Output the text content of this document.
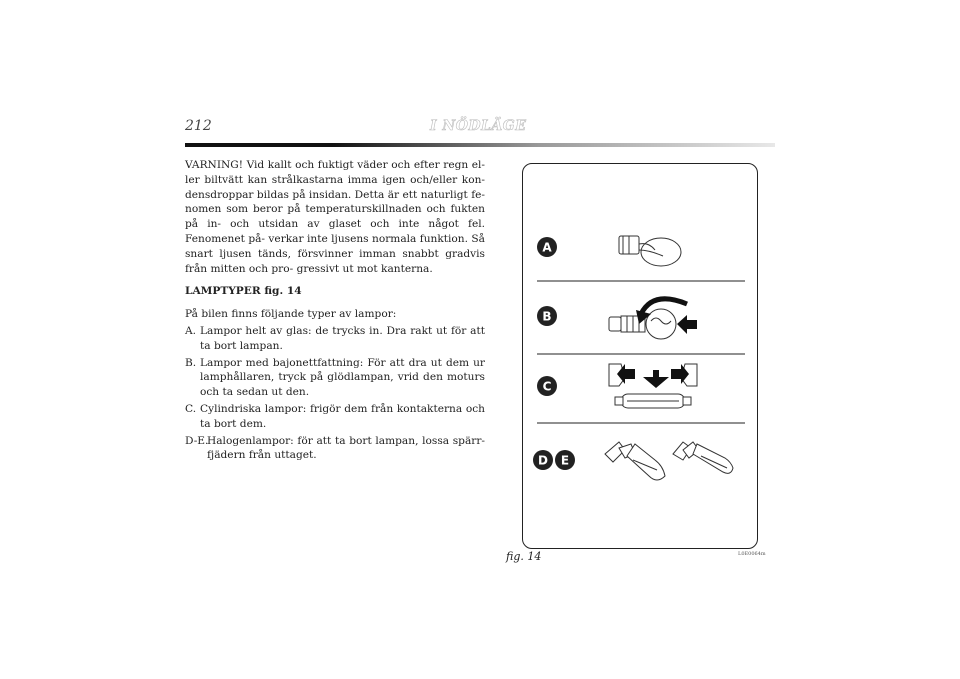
212	I NÖDLÄGE

VARNING! Vid kallt och fuktigt väder och efter regn el- ler biltvätt kan strålkastarna imma igen och/eller kon- densdroppar bildas på insidan. Detta är ett naturligt fe- nomen som beror på temperaturskillnaden och fukten på in- och utsidan av glaset och inte något fel. Fenomenet på- verkar inte ljusens normala funktion. Så snart ljusen tänds, försvinner imman snabbt gradvis från mitten och pro- gressivt ut mot kanterna.

LAMPTYPER fig. 14

På bilen finns följande typer av lampor:

A. Lampor helt av glas: de trycks in. Dra rakt ut för att ta bort lampan.
B. Lampor med bajonettfattning: För att dra ut dem ur lamphållaren, tryck på glödlampan, vrid den moturs och ta sedan ut den.
C. Cylindriska lampor: frigör dem från kontakterna och ta bort dem.
D-E.
Halogenlampor: för att ta bort lampan, lossa spärr- fjädern från uttaget.
A
B
C
D E
fig. 14	L0E0064m
